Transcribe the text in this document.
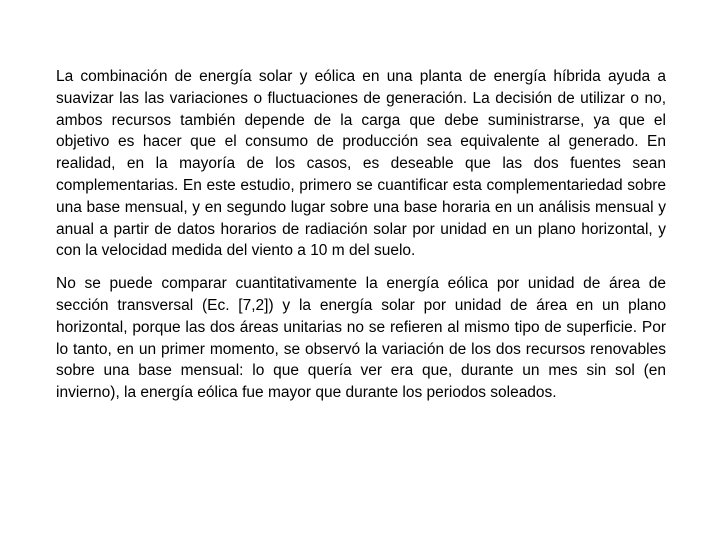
La combinación de energía solar y eólica en una planta de energía híbrida ayuda a suavizar las las variaciones o fluctuaciones de generación. La decisión de utilizar o no, ambos recursos también depende de la carga que debe suministrarse, ya que el objetivo es hacer que el consumo de producción sea equivalente al generado. En realidad, en la mayoría de los casos, es deseable que las dos fuentes sean complementarias. En este estudio, primero se cuantificar esta complementariedad sobre una base mensual, y en segundo lugar sobre una base horaria en un análisis mensual y anual a partir de datos horarios de radiación solar por unidad en un plano horizontal, y con la velocidad medida del viento a 10 m del suelo.

No se puede comparar cuantitativamente la energía eólica por unidad de área de sección transversal (Ec. [7,2]) y la energía solar por unidad de área en un plano horizontal, porque las dos áreas unitarias no se refieren al mismo tipo de superficie. Por lo tanto, en un primer momento, se observó la variación de los dos recursos renovables sobre una base mensual: lo que quería ver era que, durante un mes sin sol (en invierno), la energía eólica fue mayor que durante los periodos soleados.
